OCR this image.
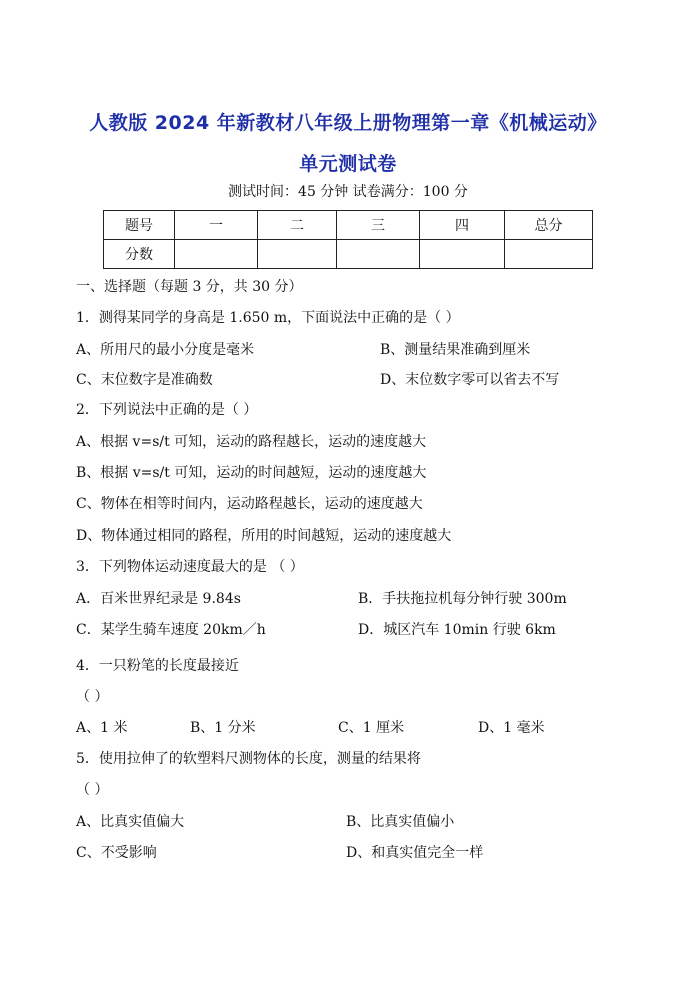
人教版 2024 年新教材八年级上册物理第一章《机械运动》
单元测试卷
测试时间：45 分钟 试卷满分：100 分
题号	一	二	三	四	总分
分数					
一、选择题（每题 3 分，共 30 分）
1．测得某同学的身高是 1.650 m，下面说法中正确的是（ ）
A、所用尺的最小分度是毫米	B、测量结果准确到厘米
C、末位数字是准确数	D、末位数字零可以省去不写
2．下列说法中正确的是（ ）
A、根据 v=s/t 可知，运动的路程越长，运动的速度越大
B、根据 v=s/t 可知，运动的时间越短，运动的速度越大
C、物体在相等时间内，运动路程越长，运动的速度越大
D、物体通过相同的路程，所用的时间越短，运动的速度越大
3．下列物体运动速度最大的是 （ ）
A．百米世界纪录是 9.84s	B．手扶拖拉机每分钟行驶 300m
C．某学生骑车速度 20km／h	D．城区汽车 10min 行驶 6km
4．一只粉笔的长度最接近
（ ）
A、1 米	B、1 分米	C、1 厘米	D、1 毫米
5．使用拉伸了的软塑料尺测物体的长度，测量的结果将
（ ）
A、比真实值偏大	B、比真实值偏小
C、不受影响	D、和真实值完全一样
